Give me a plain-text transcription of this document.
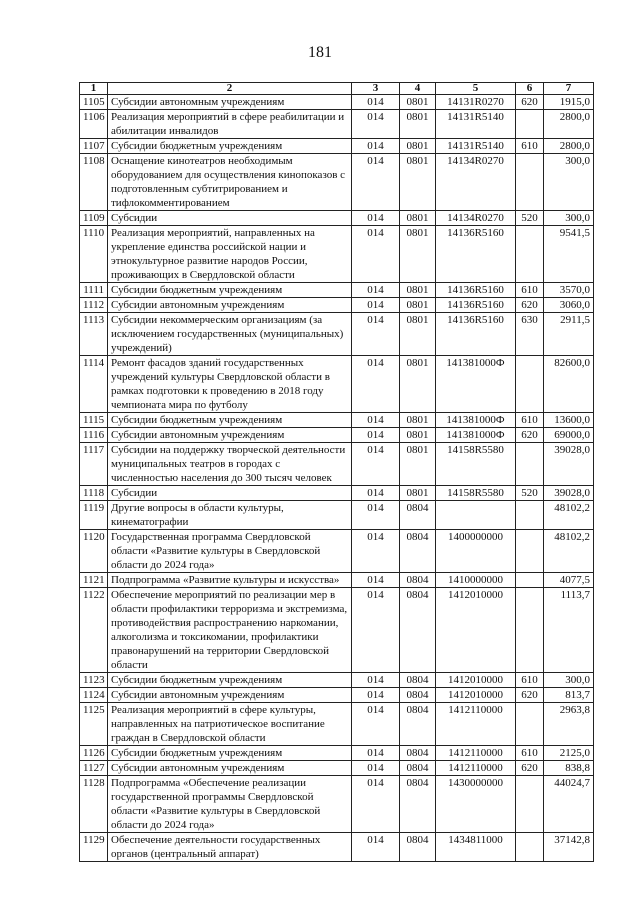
181
1	2	3	4	5	6	7
1105	Субсидии автономным учреждениям	014	0801	14131R0270	620	1915,0
1106	Реализация мероприятий в сфере реабилитации и абилитации инвалидов	014	0801	14131R5140		2800,0
1107	Субсидии бюджетным учреждениям	014	0801	14131R5140	610	2800,0
1108	Оснащение кинотеатров необходимым оборудованием для осуществления кинопоказов с подготовленным субтитрированием и тифлокомментированием	014	0801	14134R0270		300,0
1109	Субсидии	014	0801	14134R0270	520	300,0
1110	Реализация мероприятий, направленных на укрепление единства российской нации и этнокультурное развитие народов России, проживающих в Свердловской области	014	0801	14136R5160		9541,5
1111	Субсидии бюджетным учреждениям	014	0801	14136R5160	610	3570,0
1112	Субсидии автономным учреждениям	014	0801	14136R5160	620	3060,0
1113	Субсидии некоммерческим организациям (за исключением государственных (муниципальных) учреждений)	014	0801	14136R5160	630	2911,5
1114	Ремонт фасадов зданий государственных учреждений культуры Свердловской области в рамках подготовки к проведению в 2018 году чемпионата мира по футболу	014	0801	141381000Ф		82600,0
1115	Субсидии бюджетным учреждениям	014	0801	141381000Ф	610	13600,0
1116	Субсидии автономным учреждениям	014	0801	141381000Ф	620	69000,0
1117	Субсидии на поддержку творческой деятельности муниципальных театров в городах с численностью населения до 300 тысяч человек	014	0801	14158R5580		39028,0
1118	Субсидии	014	0801	14158R5580	520	39028,0
1119	Другие вопросы в области культуры, кинематографии	014	0804			48102,2
1120	Государственная программа Свердловской области «Развитие культуры в Свердловской области до 2024 года»	014	0804	1400000000		48102,2
1121	Подпрограмма «Развитие культуры и искусства»	014	0804	1410000000		4077,5
1122	Обеспечение мероприятий по реализации мер в области профилактики терроризма и экстремизма, противодействия распространению наркомании, алкоголизма и токсикомании, профилактики правонарушений на территории Свердловской области	014	0804	1412010000		1113,7
1123	Субсидии бюджетным учреждениям	014	0804	1412010000	610	300,0
1124	Субсидии автономным учреждениям	014	0804	1412010000	620	813,7
1125	Реализация мероприятий в сфере культуры, направленных на патриотическое воспитание граждан в Свердловской области	014	0804	1412110000		2963,8
1126	Субсидии бюджетным учреждениям	014	0804	1412110000	610	2125,0
1127	Субсидии автономным учреждениям	014	0804	1412110000	620	838,8
1128	Подпрограмма «Обеспечение реализации государственной программы Свердловской области «Развитие культуры в Свердловской области до 2024 года»	014	0804	1430000000		44024,7
1129	Обеспечение деятельности государственных органов (центральный аппарат)	014	0804	1434811000		37142,8
